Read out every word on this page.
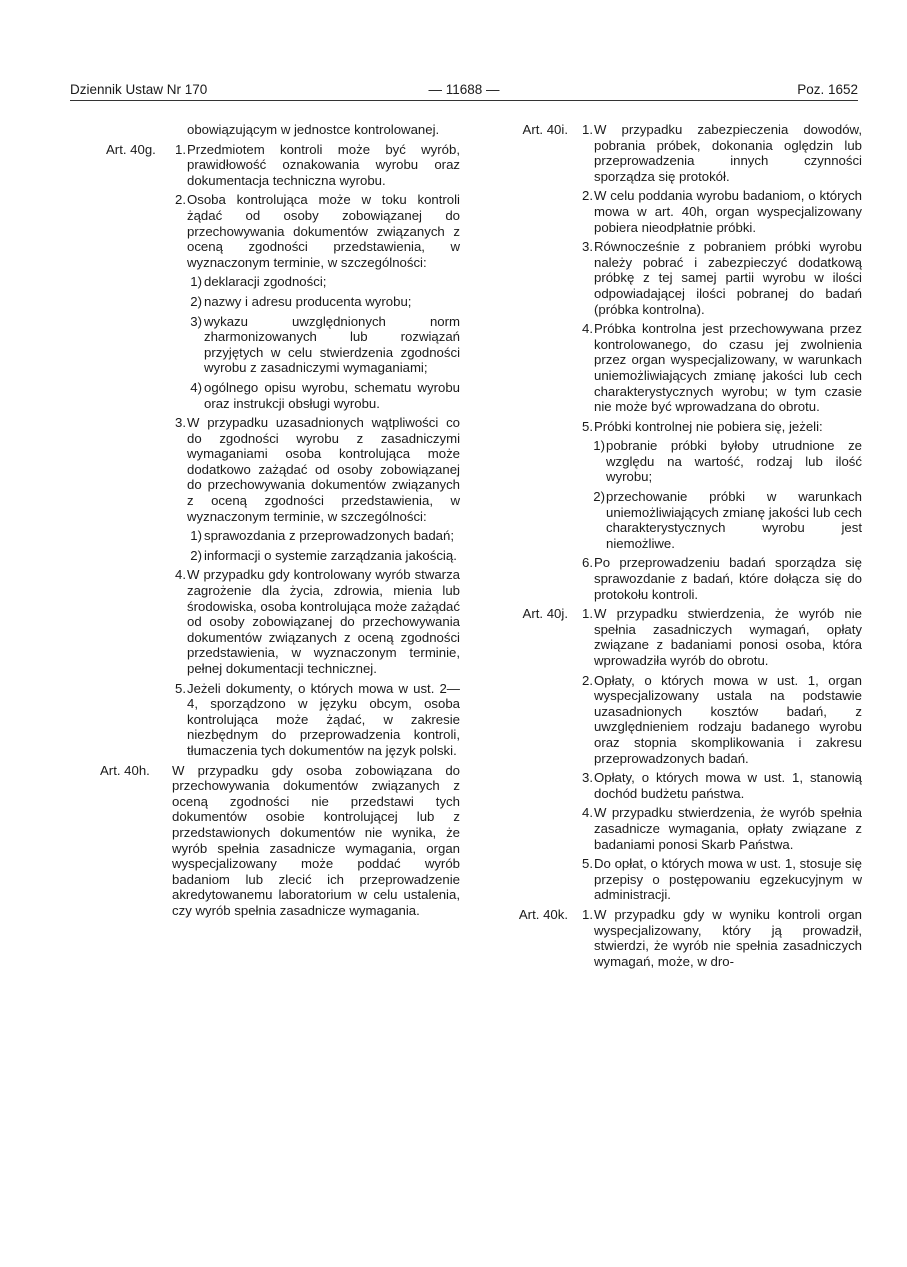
Dziennik Ustaw Nr 170	— 11688 —	Poz. 1652

obowiązującym w jednostce kontrolowanej.

Art. 40g.	1. Przedmiotem kontroli może być wyrób, prawidłowość oznakowania wyrobu oraz dokumentacja techniczna wyrobu.

2. Osoba kontrolująca może w toku kontroli żądać od osoby zobowiązanej do przechowywania dokumentów związanych z oceną zgodności przedstawienia, w wyznaczonym terminie, w szczególności:

1) deklaracji zgodności;

2) nazwy i adresu producenta wyrobu;

3) wykazu uwzględnionych norm zharmonizowanych lub rozwiązań przyjętych w celu stwierdzenia zgodności wyrobu z zasadniczymi wymaganiami;

4) ogólnego opisu wyrobu, schematu wyrobu oraz instrukcji obsługi wyrobu.

3. W przypadku uzasadnionych wątpliwości co do zgodności wyrobu z zasadniczymi wymaganiami osoba kontrolująca może dodatkowo zażądać od osoby zobowiązanej do przechowywania dokumentów związanych z oceną zgodności przedstawienia, w wyznaczonym terminie, w szczególności:

1) sprawozdania z przeprowadzonych badań;

2) informacji o systemie zarządzania jakością.

4. W przypadku gdy kontrolowany wyrób stwarza zagrożenie dla życia, zdrowia, mienia lub środowiska, osoba kontrolująca może zażądać od osoby zobowiązanej do przechowywania dokumentów związanych z oceną zgodności przedstawienia, w wyznaczonym terminie, pełnej dokumentacji technicznej.

5. Jeżeli dokumenty, o których mowa w ust. 2—4, sporządzono w języku obcym, osoba kontrolująca może żądać, w zakresie niezbędnym do przeprowadzenia kontroli, tłumaczenia tych dokumentów na język polski.

Art. 40h.	W przypadku gdy osoba zobowiązana do przechowywania dokumentów związanych z oceną zgodności nie przedstawi tych dokumentów osobie kontrolującej lub z przedstawionych dokumentów nie wynika, że wyrób spełnia zasadnicze wymagania, organ wyspecjalizowany może poddać wyrób badaniom lub zlecić ich przeprowadzenie akredytowanemu laboratorium w celu ustalenia, czy wyrób spełnia zasadnicze wymagania.

Art. 40i.	1. W przypadku zabezpieczenia dowodów, pobrania próbek, dokonania oględzin lub przeprowadzenia innych czynności sporządza się protokół.

2. W celu poddania wyrobu badaniom, o których mowa w art. 40h, organ wyspecjalizowany pobiera nieodpłatnie próbki.

3. Równocześnie z pobraniem próbki wyrobu należy pobrać i zabezpieczyć dodatkową próbkę z tej samej partii wyrobu w ilości odpowiadającej ilości pobranej do badań (próbka kontrolna).

4. Próbka kontrolna jest przechowywana przez kontrolowanego, do czasu jej zwolnienia przez organ wyspecjalizowany, w warunkach uniemożliwiających zmianę jakości lub cech charakterystycznych wyrobu; w tym czasie nie może być wprowadzana do obrotu.

5. Próbki kontrolnej nie pobiera się, jeżeli:

1) pobranie próbki byłoby utrudnione ze względu na wartość, rodzaj lub ilość wyrobu;

2) przechowanie próbki w warunkach uniemożliwiających zmianę jakości lub cech charakterystycznych wyrobu jest niemożliwe.

6. Po przeprowadzeniu badań sporządza się sprawozdanie z badań, które dołącza się do protokołu kontroli.

Art. 40j.	1. W przypadku stwierdzenia, że wyrób nie spełnia zasadniczych wymagań, opłaty związane z badaniami ponosi osoba, która wprowadziła wyrób do obrotu.

2. Opłaty, o których mowa w ust. 1, organ wyspecjalizowany ustala na podstawie uzasadnionych kosztów badań, z uwzględnieniem rodzaju badanego wyrobu oraz stopnia skomplikowania i zakresu przeprowadzonych badań.

3. Opłaty, o których mowa w ust. 1, stanowią dochód budżetu państwa.

4. W przypadku stwierdzenia, że wyrób spełnia zasadnicze wymagania, opłaty związane z badaniami ponosi Skarb Państwa.

5. Do opłat, o których mowa w ust. 1, stosuje się przepisy o postępowaniu egzekucyjnym w administracji.

Art. 40k.	1. W przypadku gdy w wyniku kontroli organ wyspecjalizowany, który ją prowadził, stwierdzi, że wyrób nie spełnia zasadniczych wymagań, może, w dro-
